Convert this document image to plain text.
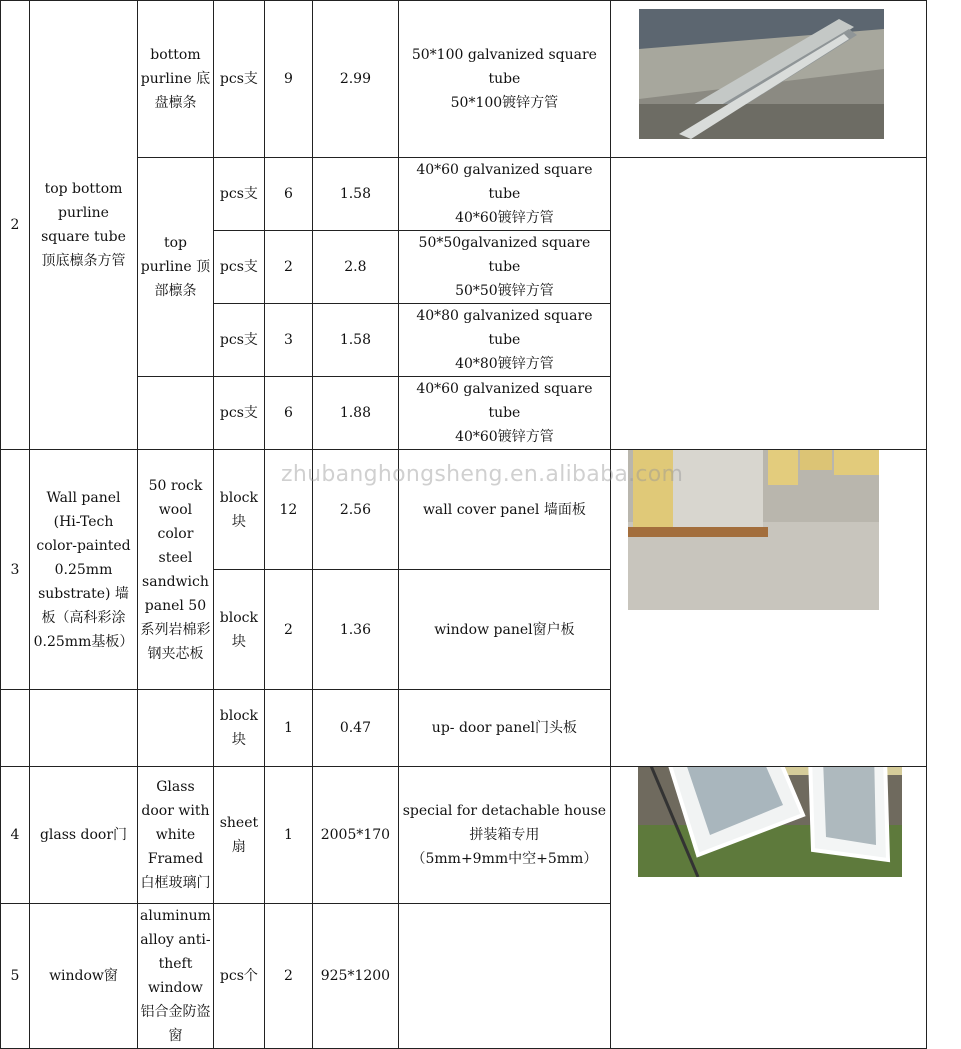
2	top bottom purline square tube 顶底檩条方管	bottom purline 底盘檩条	pcs支	9	2.99	50*100 galvanized square tube
50*100镀锌方管	

		top purline 顶部檩条	pcs支	6	1.58	40*60 galvanized square tube
40*60镀锌方管	

			pcs支	2	2.8	50*50galvanized square tube
50*50镀锌方管	
			pcs支	3	1.58	40*80 galvanized square tube
40*80镀锌方管	
			pcs支	6	1.88	40*60 galvanized square tube
40*60镀锌方管	
3	Wall panel (Hi-Tech color-painted 0.25mm substrate) 墙板（高科彩涂0.25mm基板）	50 rock wool color steel sandwich panel 50系列岩棉彩钢夹芯板	block块	12	2.56	wall cover panel 墙面板	

			block块	2	1.36	window panel窗户板	
			block块	1	0.47	up- door panel门头板	
4	glass door门	Glass door with white Framed 白框玻璃门	sheet扇	1	2005*170	special for detachable house
拼装箱专用
（5mm+9mm中空+5mm）	

5	window窗	aluminum alloy anti-theft window 铝合金防盗窗	pcs个	2	925*1200		
zhubanghongsheng.en.alibaba.com
